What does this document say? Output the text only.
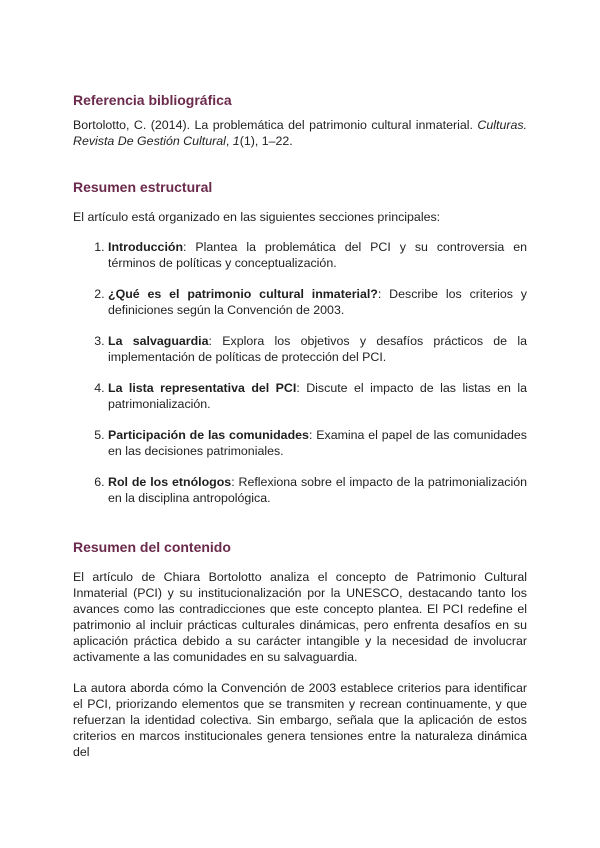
Referencia bibliográfica

Bortolotto, C. (2014). La problemática del patrimonio cultural inmaterial. Culturas. Revista De Gestión Cultural, 1(1), 1–22.

Resumen estructural

El artículo está organizado en las siguientes secciones principales:

1. Introducción: Plantea la problemática del PCI y su controversia en términos de políticas y conceptualización.
2. ¿Qué es el patrimonio cultural inmaterial?: Describe los criterios y definiciones según la Convención de 2003.
3. La salvaguardia: Explora los objetivos y desafíos prácticos de la implementación de políticas de protección del PCI.
4. La lista representativa del PCI: Discute el impacto de las listas en la patrimonialización.
5. Participación de las comunidades: Examina el papel de las comunidades en las decisiones patrimoniales.
6. Rol de los etnólogos: Reflexiona sobre el impacto de la patrimonialización en la disciplina antropológica.
Resumen del contenido

El artículo de Chiara Bortolotto analiza el concepto de Patrimonio Cultural Inmaterial (PCI) y su institucionalización por la UNESCO, destacando tanto los avances como las contradicciones que este concepto plantea. El PCI redefine el patrimonio al incluir prácticas culturales dinámicas, pero enfrenta desafíos en su aplicación práctica debido a su carácter intangible y la necesidad de involucrar activamente a las comunidades en su salvaguardia.

La autora aborda cómo la Convención de 2003 establece criterios para identificar el PCI, priorizando elementos que se transmiten y recrean continuamente, y que refuerzan la identidad colectiva. Sin embargo, señala que la aplicación de estos criterios en marcos institucionales genera tensiones entre la naturaleza dinámica del
